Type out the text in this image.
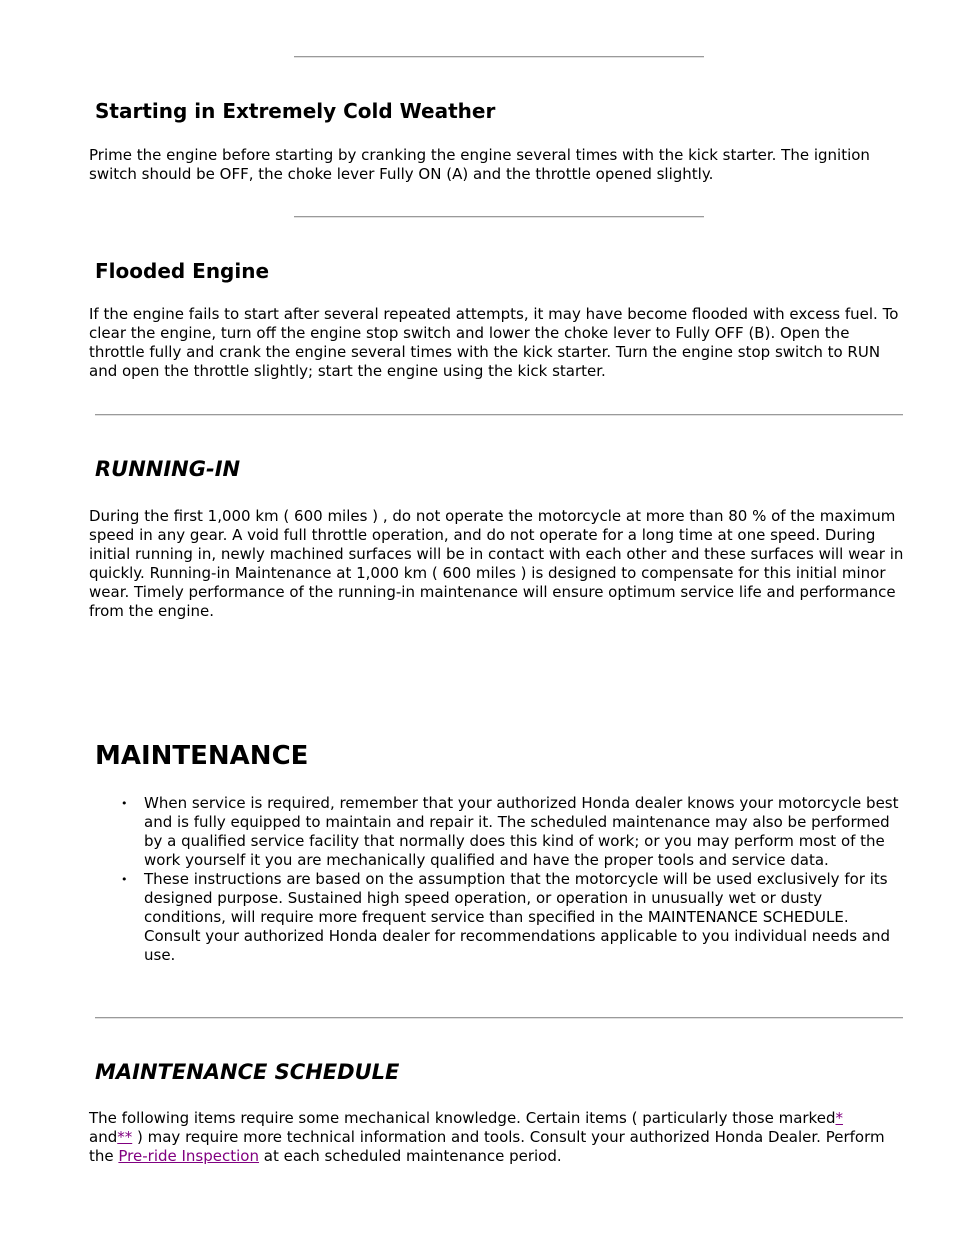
Starting in Extremely Cold Weather

Prime the engine before starting by cranking the engine several times with the kick starter. The ignition switch should be OFF, the choke lever Fully ON (A) and the throttle opened slightly.

Flooded Engine

If the engine fails to start after several repeated attempts, it may have become flooded with excess fuel. To clear the engine, turn off the engine stop switch and lower the choke lever to Fully OFF (B). Open the throttle fully and crank the engine several times with the kick starter. Turn the engine stop switch to RUN and open the throttle slightly; start the engine using the kick starter.

RUNNING-IN

During the first 1,000 km ( 600 miles ) , do not operate the motorcycle at more than 80 % of the maximum speed in any gear. A void full throttle operation, and do not operate for a long time at one speed. During initial running in, newly machined surfaces will be in contact with each other and these surfaces will wear in quickly. Running-in Maintenance at 1,000 km ( 600 miles ) is designed to compensate for this initial minor wear. Timely performance of the running-in maintenance will ensure optimum service life and performance from the engine.

MAINTENANCE
• When service is required, remember that your authorized Honda dealer knows your motorcycle best and is fully equipped to maintain and repair it. The scheduled maintenance may also be performed by a qualified service facility that normally does this kind of work; or you may perform most of the work yourself it you are mechanically qualified and have the proper tools and service data.
• These instructions are based on the assumption that the motorcycle will be used exclusively for its designed purpose. Sustained high speed operation, or operation in unusually wet or dusty conditions, will require more frequent service than specified in the MAINTENANCE SCHEDULE. Consult your authorized Honda dealer for recommendations applicable to you individual needs and use.
MAINTENANCE SCHEDULE

The following items require some mechanical knowledge. Certain items ( particularly those marked*
and** ) may require more technical information and tools. Consult your authorized Honda Dealer. Perform the Pre-ride Inspection at each scheduled maintenance period.
